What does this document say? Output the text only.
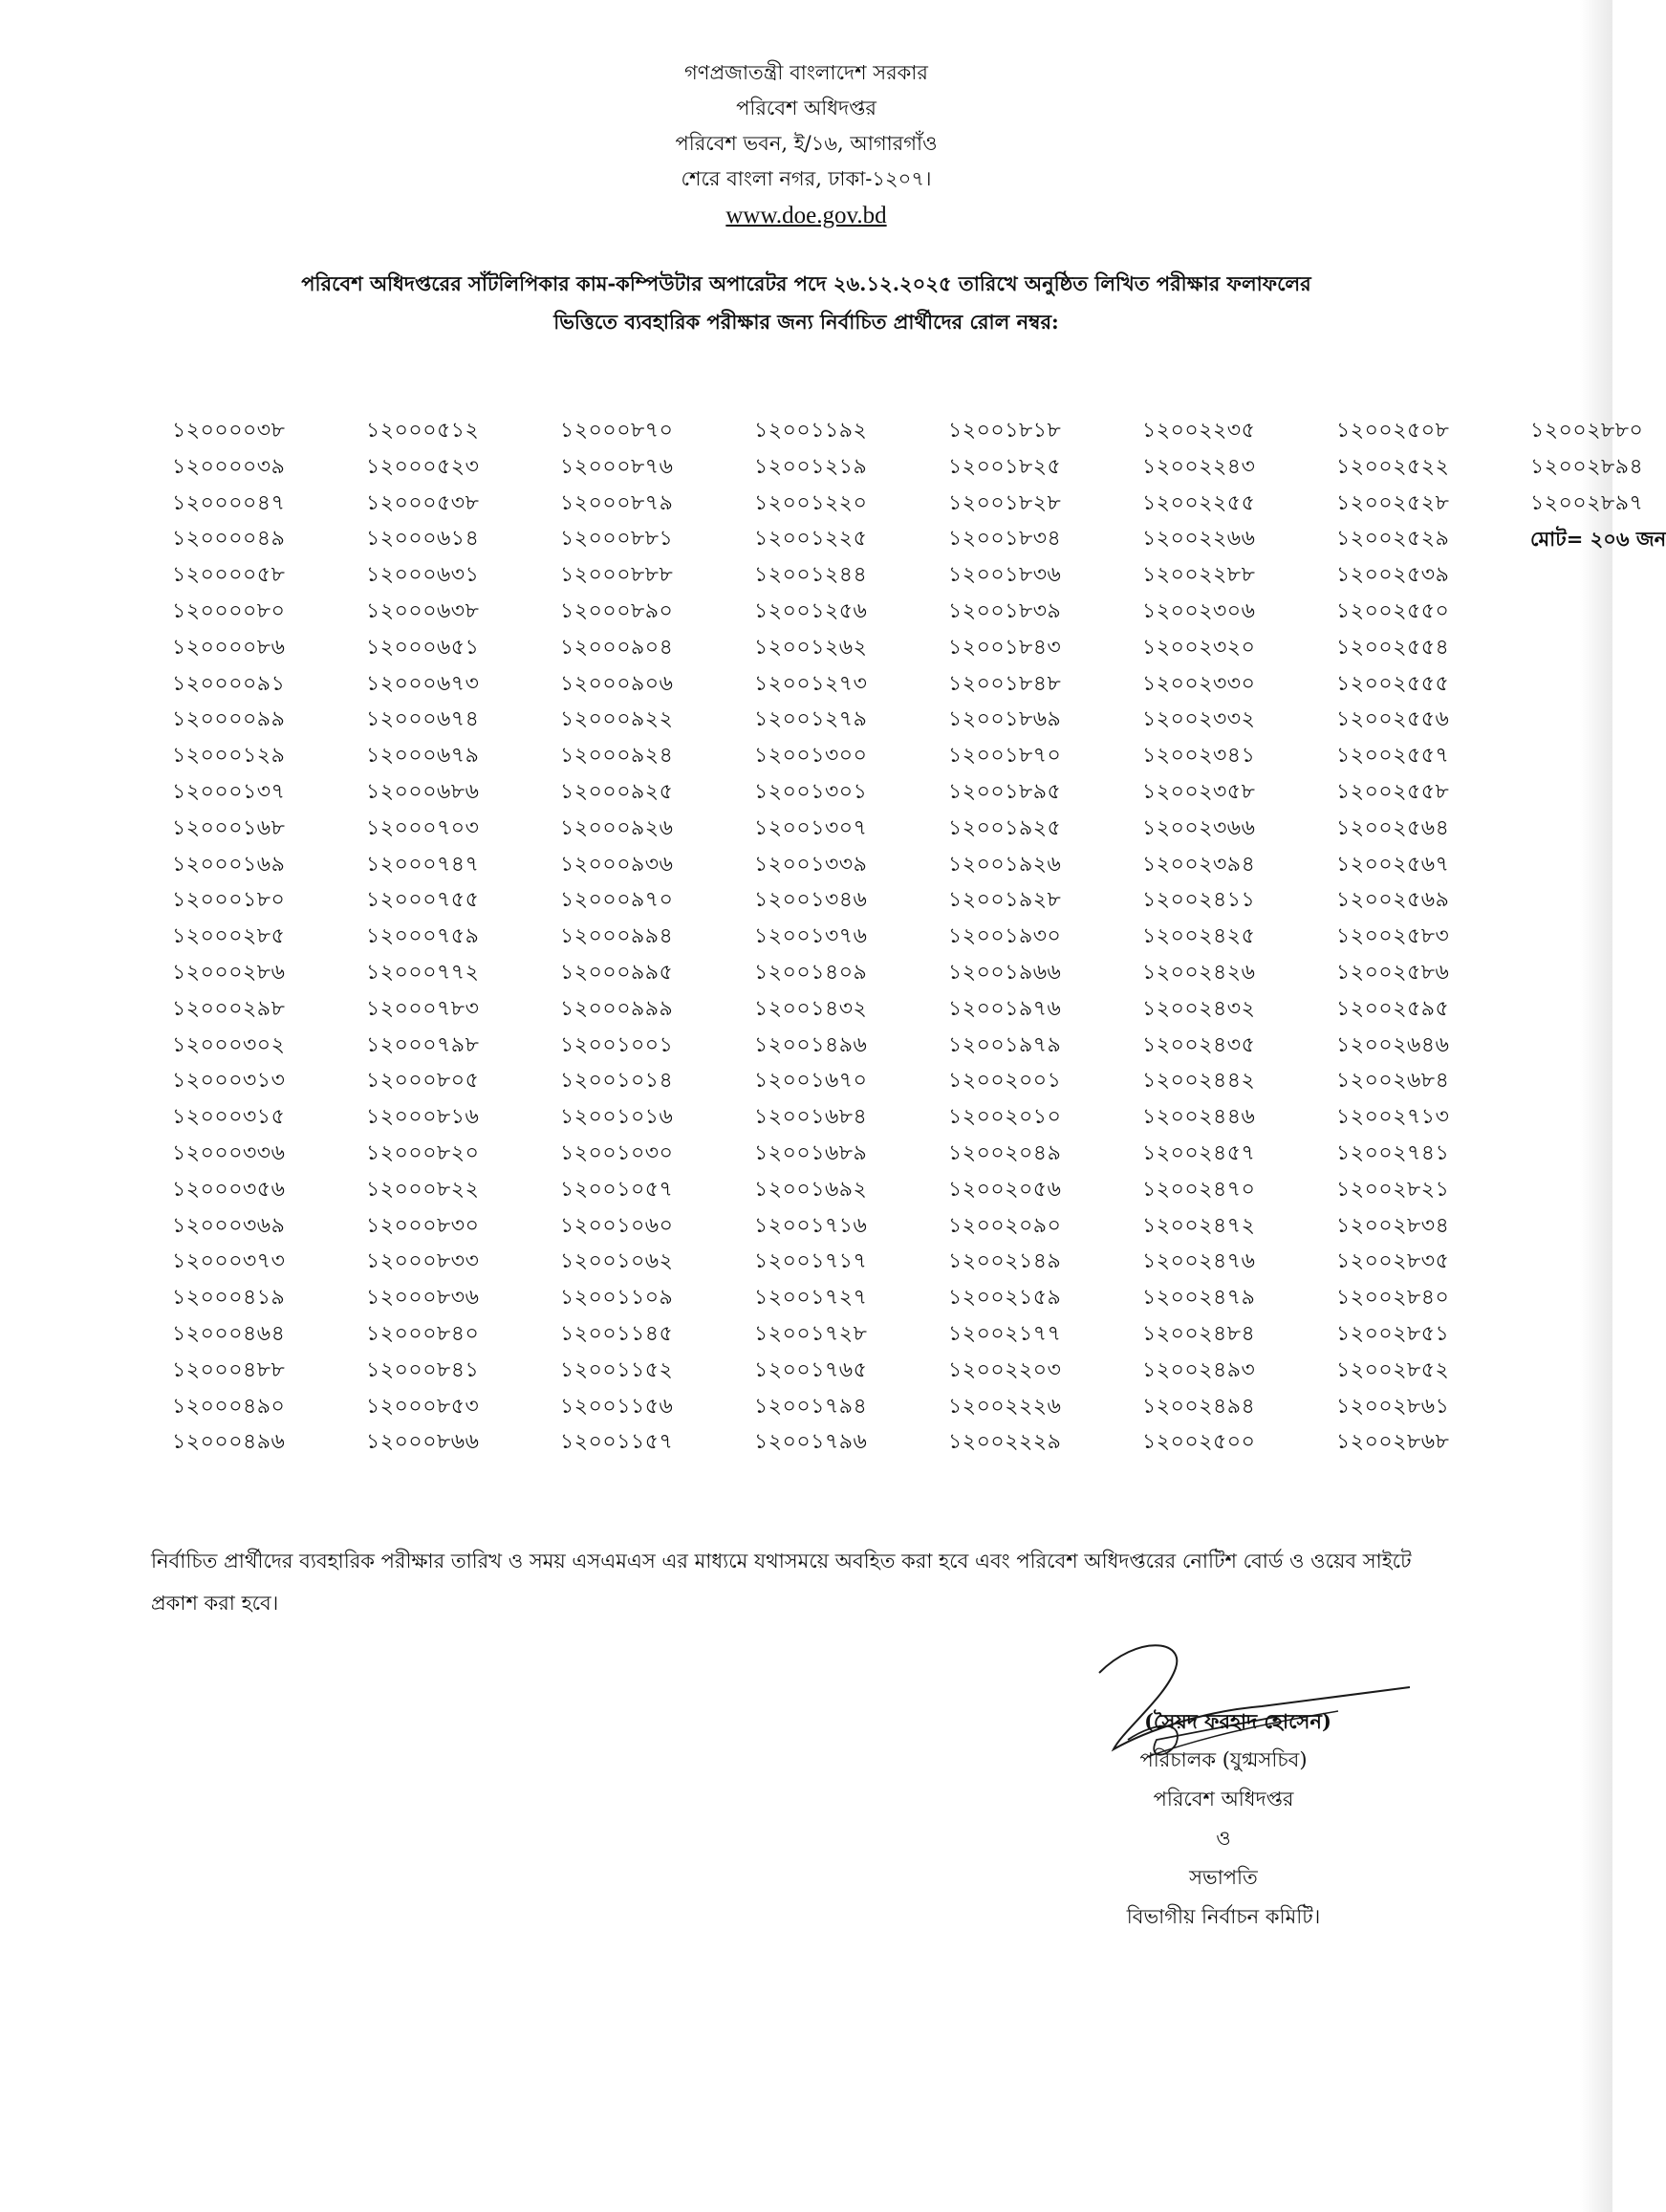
গণপ্রজাতন্ত্রী বাংলাদেশ সরকার
পরিবেশ অধিদপ্তর
পরিবেশ ভবন, ই/১৬, আগারগাঁও
শেরে বাংলা নগর, ঢাকা-১২০৭।
www.doe.gov.bd
পরিবেশ অধিদপ্তরের সাঁটলিপিকার কাম-কম্পিউটার অপারেটর পদে ২৬.১২.২০২৫ তারিখে অনুষ্ঠিত লিখিত পরীক্ষার ফলাফলের
ভিত্তিতে ব্যবহারিক পরীক্ষার জন্য নির্বাচিত প্রার্থীদের রোল নম্বর:
১২০০০০৩৮
১২০০০০৩৯
১২০০০০৪৭
১২০০০০৪৯
১২০০০০৫৮
১২০০০০৮০
১২০০০০৮৬
১২০০০০৯১
১২০০০০৯৯
১২০০০১২৯
১২০০০১৩৭
১২০০০১৬৮
১২০০০১৬৯
১২০০০১৮০
১২০০০২৮৫
১২০০০২৮৬
১২০০০২৯৮
১২০০০৩০২
১২০০০৩১৩
১২০০০৩১৫
১২০০০৩৩৬
১২০০০৩৫৬
১২০০০৩৬৯
১২০০০৩৭৩
১২০০০৪১৯
১২০০০৪৬৪
১২০০০৪৮৮
১২০০০৪৯০
১২০০০৪৯৬
১২০০০৫১২
১২০০০৫২৩
১২০০০৫৩৮
১২০০০৬১৪
১২০০০৬৩১
১২০০০৬৩৮
১২০০০৬৫১
১২০০০৬৭৩
১২০০০৬৭৪
১২০০০৬৭৯
১২০০০৬৮৬
১২০০০৭০৩
১২০০০৭৪৭
১২০০০৭৫৫
১২০০০৭৫৯
১২০০০৭৭২
১২০০০৭৮৩
১২০০০৭৯৮
১২০০০৮০৫
১২০০০৮১৬
১২০০০৮২০
১২০০০৮২২
১২০০০৮৩০
১২০০০৮৩৩
১২০০০৮৩৬
১২০০০৮৪০
১২০০০৮৪১
১২০০০৮৫৩
১২০০০৮৬৬
১২০০০৮৭০
১২০০০৮৭৬
১২০০০৮৭৯
১২০০০৮৮১
১২০০০৮৮৮
১২০০০৮৯০
১২০০০৯০৪
১২০০০৯০৬
১২০০০৯২২
১২০০০৯২৪
১২০০০৯২৫
১২০০০৯২৬
১২০০০৯৩৬
১২০০০৯৭০
১২০০০৯৯৪
১২০০০৯৯৫
১২০০০৯৯৯
১২০০১০০১
১২০০১০১৪
১২০০১০১৬
১২০০১০৩০
১২০০১০৫৭
১২০০১০৬০
১২০০১০৬২
১২০০১১০৯
১২০০১১৪৫
১২০০১১৫২
১২০০১১৫৬
১২০০১১৫৭
১২০০১১৯২
১২০০১২১৯
১২০০১২২০
১২০০১২২৫
১২০০১২৪৪
১২০০১২৫৬
১২০০১২৬২
১২০০১২৭৩
১২০০১২৭৯
১২০০১৩০০
১২০০১৩০১
১২০০১৩০৭
১২০০১৩৩৯
১২০০১৩৪৬
১২০০১৩৭৬
১২০০১৪০৯
১২০০১৪৩২
১২০০১৪৯৬
১২০০১৬৭০
১২০০১৬৮৪
১২০০১৬৮৯
১২০০১৬৯২
১২০০১৭১৬
১২০০১৭১৭
১২০০১৭২৭
১২০০১৭২৮
১২০০১৭৬৫
১২০০১৭৯৪
১২০০১৭৯৬
১২০০১৮১৮
১২০০১৮২৫
১২০০১৮২৮
১২০০১৮৩৪
১২০০১৮৩৬
১২০০১৮৩৯
১২০০১৮৪৩
১২০০১৮৪৮
১২০০১৮৬৯
১২০০১৮৭০
১২০০১৮৯৫
১২০০১৯২৫
১২০০১৯২৬
১২০০১৯২৮
১২০০১৯৩০
১২০০১৯৬৬
১২০০১৯৭৬
১২০০১৯৭৯
১২০০২০০১
১২০০২০১০
১২০০২০৪৯
১২০০২০৫৬
১২০০২০৯০
১২০০২১৪৯
১২০০২১৫৯
১২০০২১৭৭
১২০০২২০৩
১২০০২২২৬
১২০০২২২৯
১২০০২২৩৫
১২০০২২৪৩
১২০০২২৫৫
১২০০২২৬৬
১২০০২২৮৮
১২০০২৩০৬
১২০০২৩২০
১২০০২৩৩০
১২০০২৩৩২
১২০০২৩৪১
১২০০২৩৫৮
১২০০২৩৬৬
১২০০২৩৯৪
১২০০২৪১১
১২০০২৪২৫
১২০০২৪২৬
১২০০২৪৩২
১২০০২৪৩৫
১২০০২৪৪২
১২০০২৪৪৬
১২০০২৪৫৭
১২০০২৪৭০
১২০০২৪৭২
১২০০২৪৭৬
১২০০২৪৭৯
১২০০২৪৮৪
১২০০২৪৯৩
১২০০২৪৯৪
১২০০২৫০০
১২০০২৫০৮
১২০০২৫২২
১২০০২৫২৮
১২০০২৫২৯
১২০০২৫৩৯
১২০০২৫৫০
১২০০২৫৫৪
১২০০২৫৫৫
১২০০২৫৫৬
১২০০২৫৫৭
১২০০২৫৫৮
১২০০২৫৬৪
১২০০২৫৬৭
১২০০২৫৬৯
১২০০২৫৮৩
১২০০২৫৮৬
১২০০২৫৯৫
১২০০২৬৪৬
১২০০২৬৮৪
১২০০২৭১৩
১২০০২৭৪১
১২০০২৮২১
১২০০২৮৩৪
১২০০২৮৩৫
১২০০২৮৪০
১২০০২৮৫১
১২০০২৮৫২
১২০০২৮৬১
১২০০২৮৬৮
১২০০২৮৮০
১২০০২৮৯৪
১২০০২৮৯৭
মোট= ২০৬ জন
নির্বাচিত প্রার্থীদের ব্যবহারিক পরীক্ষার তারিখ ও সময় এসএমএস এর মাধ্যমে যথাসময়ে অবহিত করা হবে এবং পরিবেশ অধিদপ্তরের নোটিশ বোর্ড ও ওয়েব সাইটে প্রকাশ করা হবে।
(সৈয়দ ফরহাদ হোসেন)
পরিচালক (যুগ্মসচিব)
পরিবেশ অধিদপ্তর
ও
সভাপতি
বিভাগীয় নির্বাচন কমিটি।
